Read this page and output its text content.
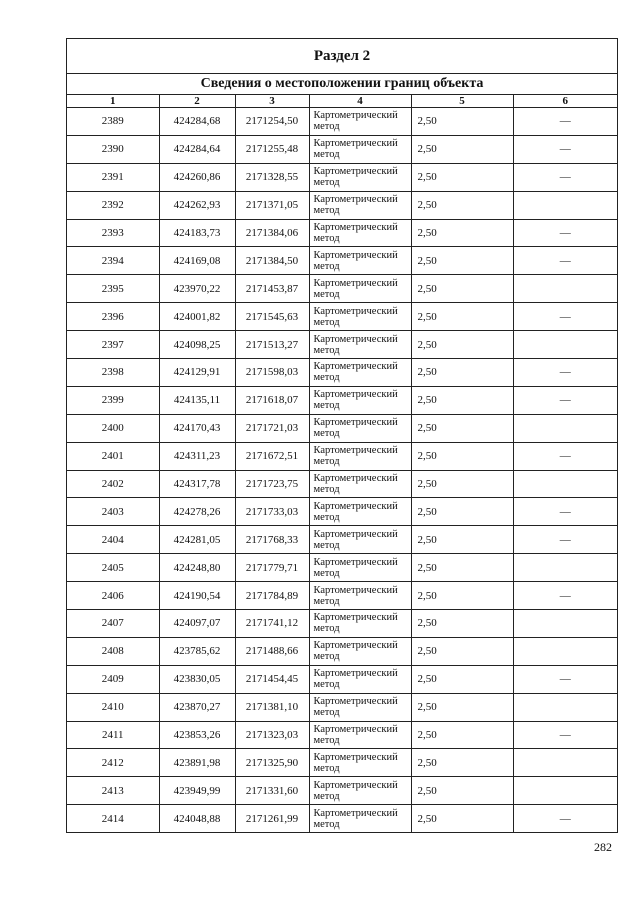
Раздел 2
Сведения о местоположении границ объекта
1	2	3	4	5	6
2389	424284,68	2171254,50	Картометрический метод	2,50	—
2390	424284,64	2171255,48	Картометрический метод	2,50	—
2391	424260,86	2171328,55	Картометрический метод	2,50	—
2392	424262,93	2171371,05	Картометрический метод	2,50	
2393	424183,73	2171384,06	Картометрический метод	2,50	—
2394	424169,08	2171384,50	Картометрический метод	2,50	—
2395	423970,22	2171453,87	Картометрический метод	2,50	
2396	424001,82	2171545,63	Картометрический метод	2,50	—
2397	424098,25	2171513,27	Картометрический метод	2,50	
2398	424129,91	2171598,03	Картометрический метод	2,50	—
2399	424135,11	2171618,07	Картометрический метод	2,50	—
2400	424170,43	2171721,03	Картометрический метод	2,50	
2401	424311,23	2171672,51	Картометрический метод	2,50	—
2402	424317,78	2171723,75	Картометрический метод	2,50	
2403	424278,26	2171733,03	Картометрический метод	2,50	—
2404	424281,05	2171768,33	Картометрический метод	2,50	—
2405	424248,80	2171779,71	Картометрический метод	2,50	
2406	424190,54	2171784,89	Картометрический метод	2,50	—
2407	424097,07	2171741,12	Картометрический метод	2,50	
2408	423785,62	2171488,66	Картометрический метод	2,50	
2409	423830,05	2171454,45	Картометрический метод	2,50	—
2410	423870,27	2171381,10	Картометрический метод	2,50	
2411	423853,26	2171323,03	Картометрический метод	2,50	—
2412	423891,98	2171325,90	Картометрический метод	2,50	
2413	423949,99	2171331,60	Картометрический метод	2,50	
2414	424048,88	2171261,99	Картометрический метод	2,50	—
282
